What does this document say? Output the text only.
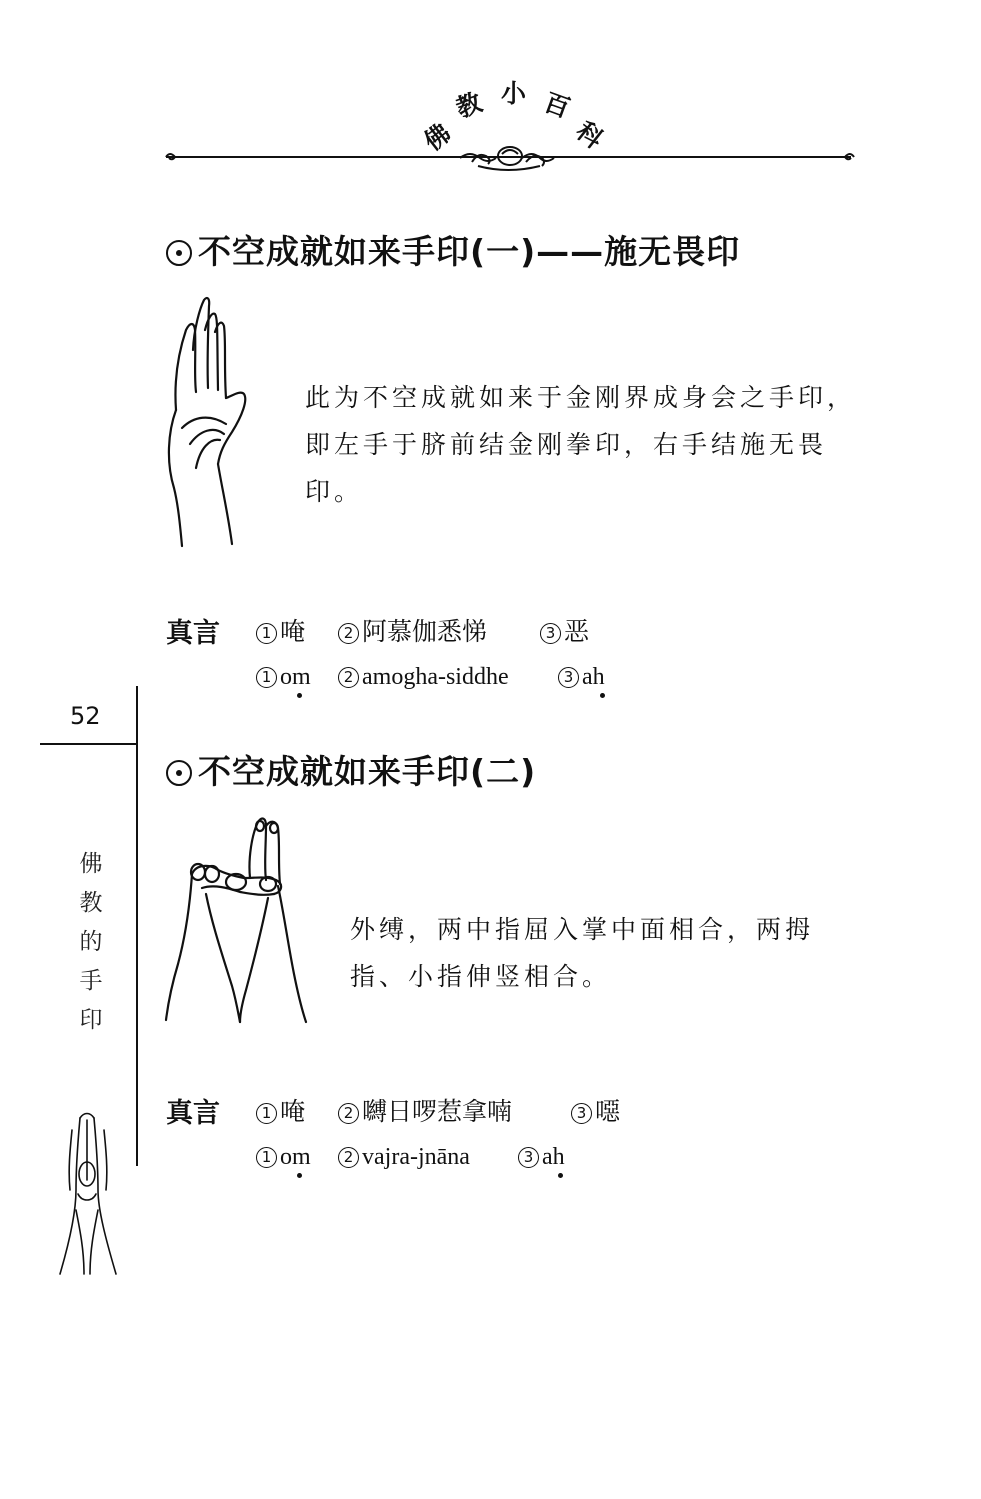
佛
教 小 百
科
不空成就如来手印(一)——施无畏印
此为不空成就如来于金刚界成身会之手印，即左手于脐前结金刚拳印，右手结施无畏印。
真言	1 唵	2 阿慕伽悉悌	3 恶
1 om	2 amogha-siddhe	3 ah
不空成就如来手印(二)
外缚，两中指屈入掌中面相合，两拇指、小指伸竖相合。
真言	1 唵	2 嚩日啰惹拿喃	3 噁
1 om	2 vajra-jnāna	3 ah
52
佛
教
的
手
印
